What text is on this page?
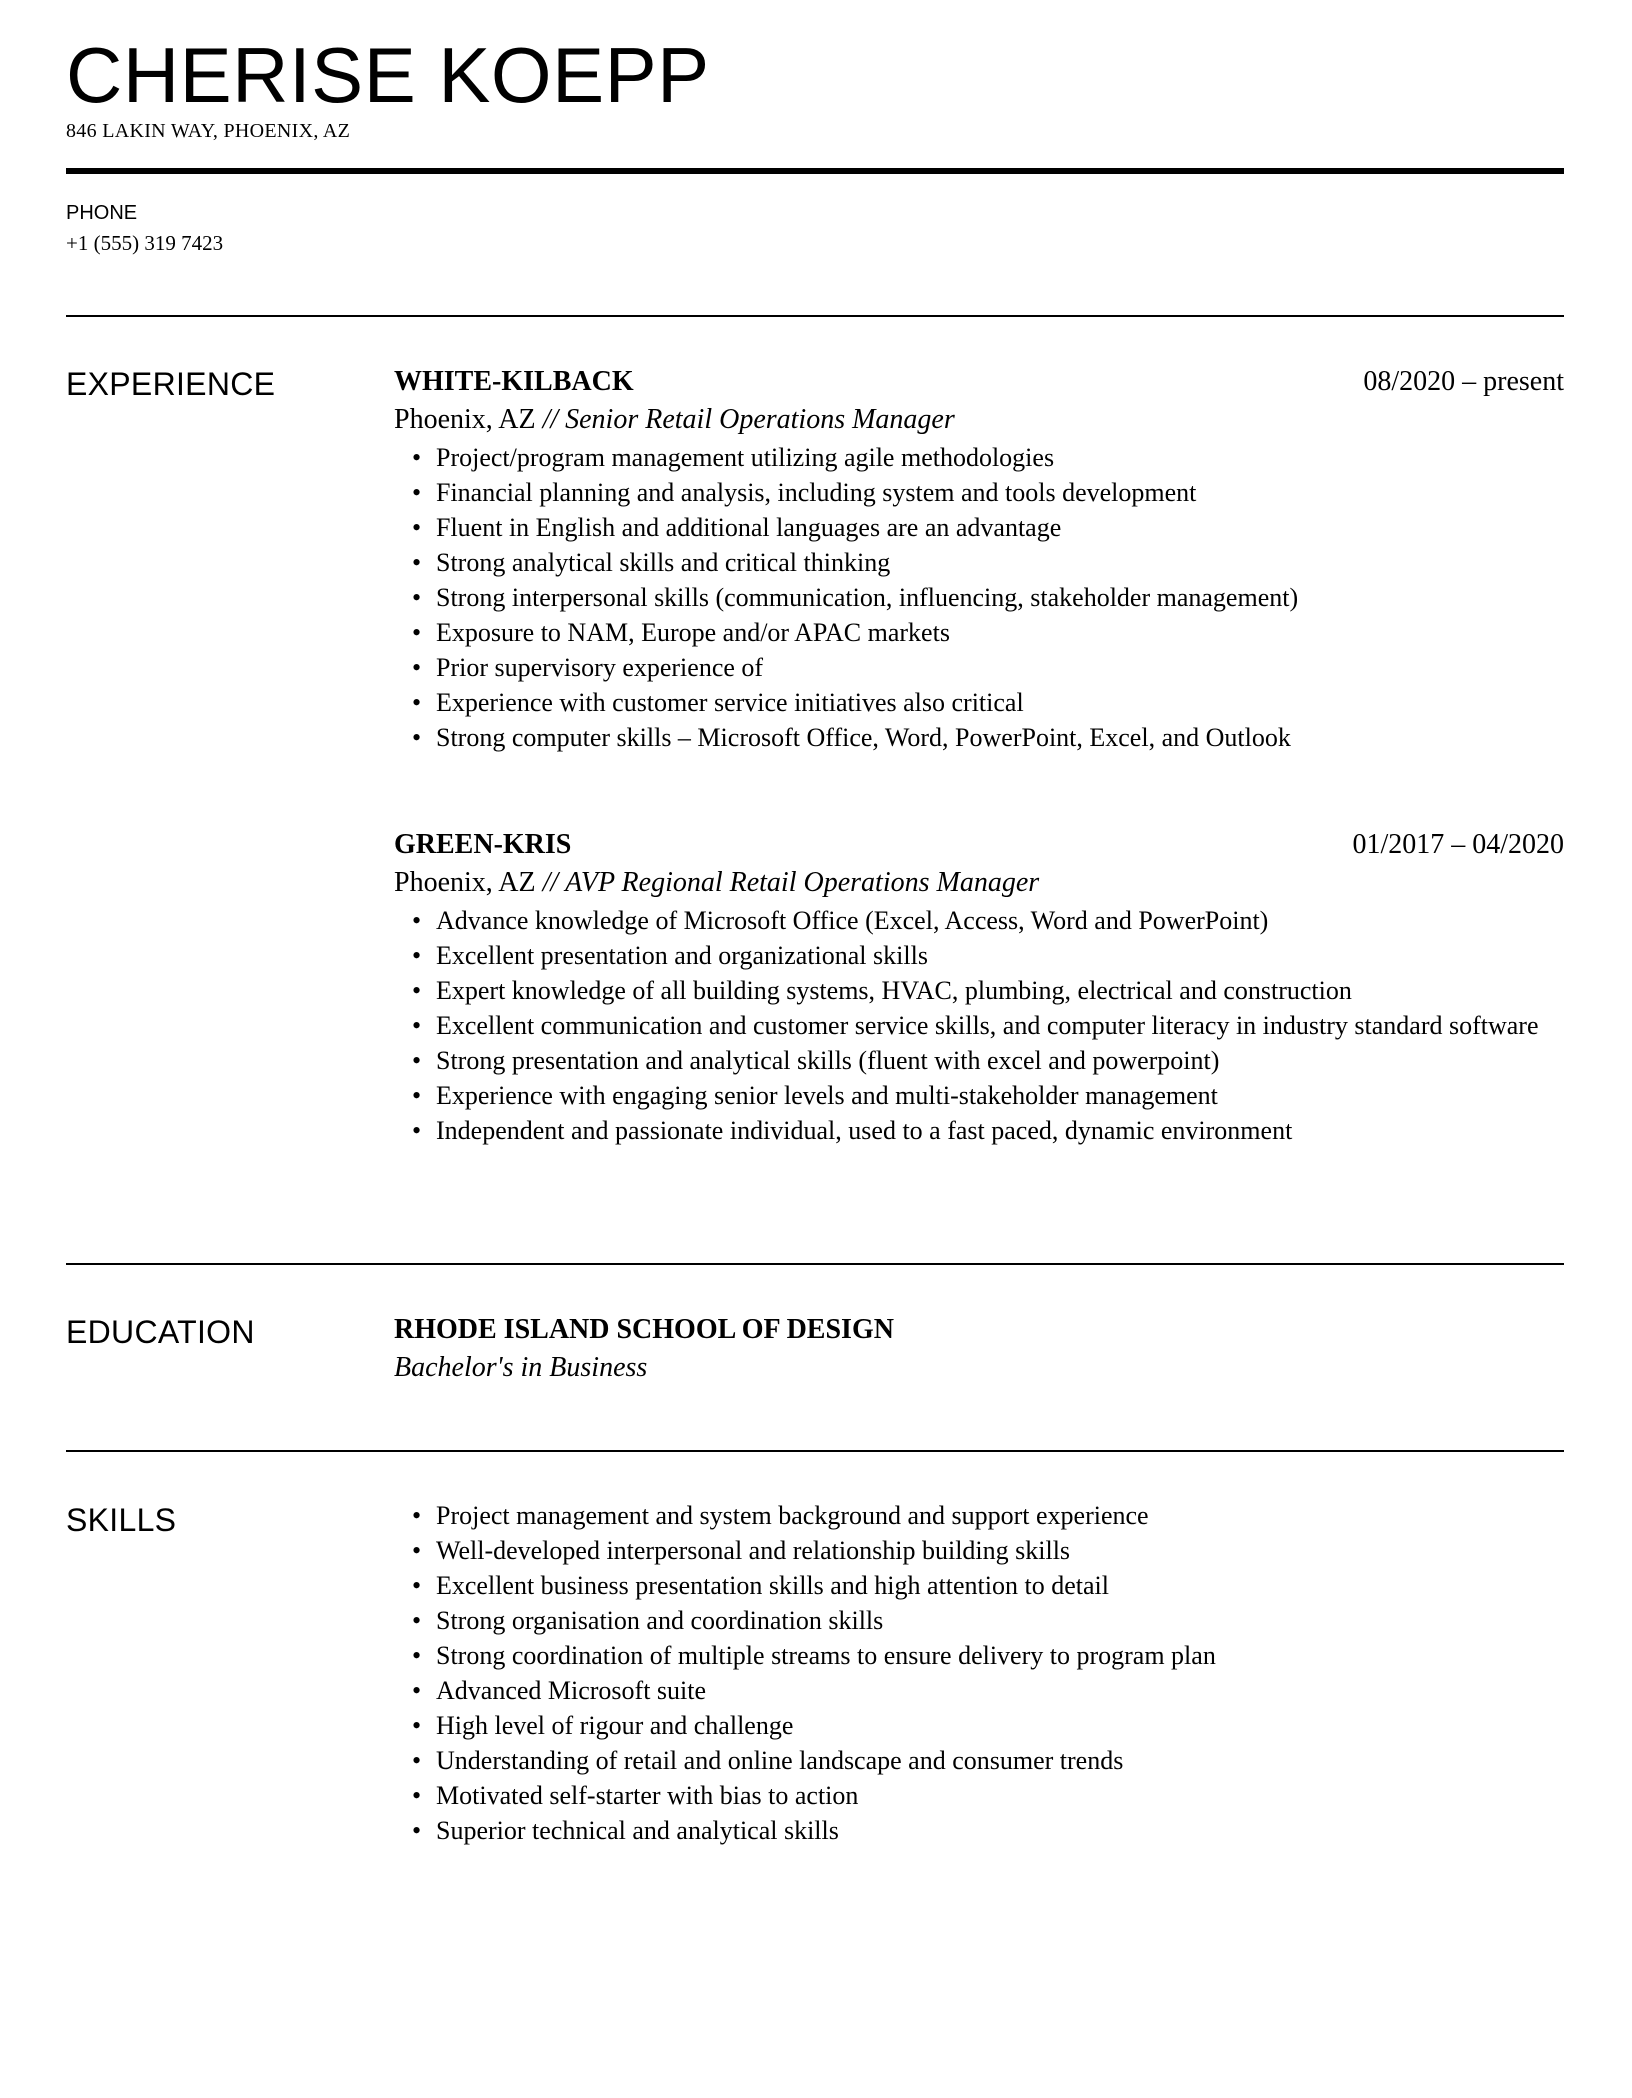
CHERISE KOEPP
846 LAKIN WAY, PHOENIX, AZ
PHONE
+1 (555) 319 7423
EXPERIENCE	WHITE-KILBACK	08/2020 – present
Phoenix, AZ // Senior Retail Operations Manager
• Project/program management utilizing agile methodologies
• Financial planning and analysis, including system and tools development
• Fluent in English and additional languages are an advantage
• Strong analytical skills and critical thinking
• Strong interpersonal skills (communication, influencing, stakeholder management)
• Exposure to NAM, Europe and/or APAC markets
• Prior supervisory experience of
• Experience with customer service initiatives also critical
• Strong computer skills – Microsoft Office, Word, PowerPoint, Excel, and Outlook
GREEN-KRIS	01/2017 – 04/2020
Phoenix, AZ // AVP Regional Retail Operations Manager
• Advance knowledge of Microsoft Office (Excel, Access, Word and PowerPoint)
• Excellent presentation and organizational skills
• Expert knowledge of all building systems, HVAC, plumbing, electrical and construction
• Excellent communication and customer service skills, and computer literacy in industry standard software
• Strong presentation and analytical skills (fluent with excel and powerpoint)
• Experience with engaging senior levels and multi-stakeholder management
• Independent and passionate individual, used to a fast paced, dynamic environment
EDUCATION	RHODE ISLAND SCHOOL OF DESIGN
Bachelor's in Business
SKILLS
•	Project management and system background and support experience
• Well-developed interpersonal and relationship building skills
• Excellent business presentation skills and high attention to detail
• Strong organisation and coordination skills
• Strong coordination of multiple streams to ensure delivery to program plan
• Advanced Microsoft suite
• High level of rigour and challenge
• Understanding of retail and online landscape and consumer trends
• Motivated self-starter with bias to action
• Superior technical and analytical skills
